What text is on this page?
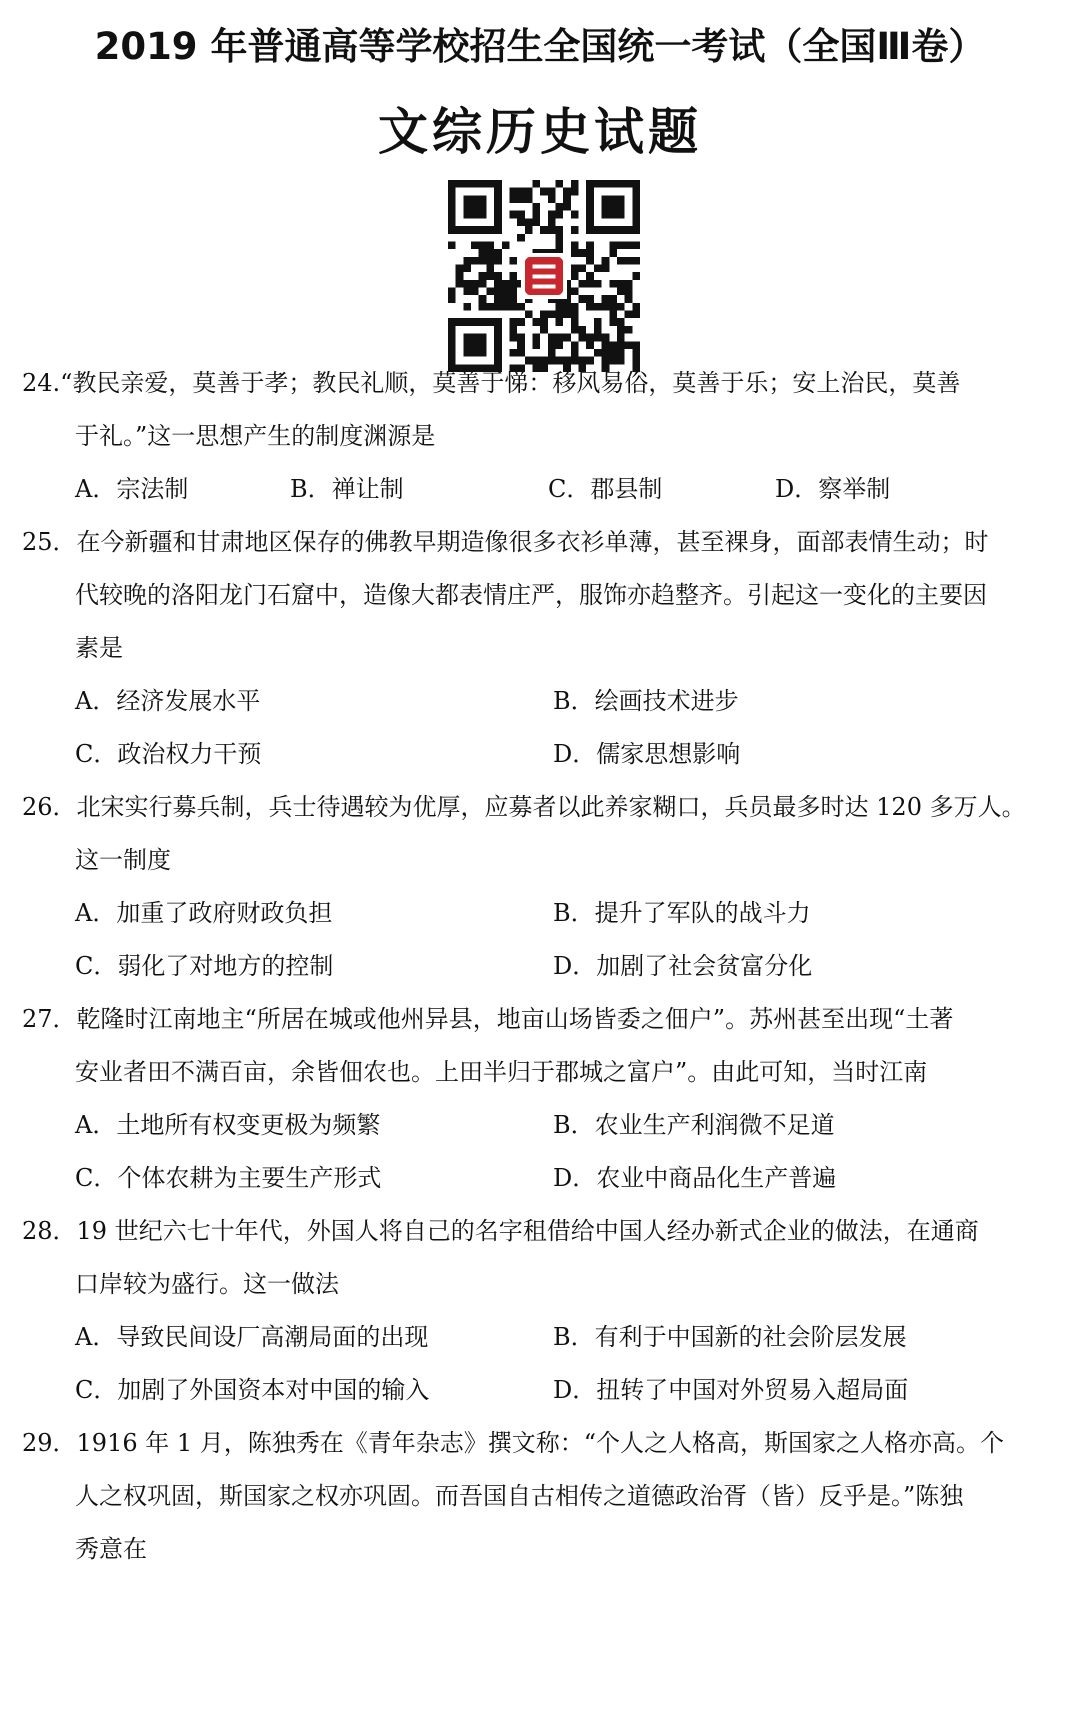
2019 年普通高等学校招生全国统一考试（全国Ⅲ卷）
文综历史试题

24.“教民亲爱，莫善于孝；教民礼顺，莫善于悌：移风易俗，莫善于乐；安上治民，莫善

于礼。”这一思想产生的制度渊源是

A．宗法制	B．禅让制	C．郡县制	D．察举制

25．在今新疆和甘肃地区保存的佛教早期造像很多衣衫单薄，甚至裸身，面部表情生动；时

代较晚的洛阳龙门石窟中，造像大都表情庄严，服饰亦趋整齐。引起这一变化的主要因

素是

A．经济发展水平	B．绘画技术进步

C．政治权力干预	D．儒家思想影响

26．北宋实行募兵制，兵士待遇较为优厚，应募者以此养家糊口，兵员最多时达 120 多万人。

这一制度

A．加重了政府财政负担	B．提升了军队的战斗力

C．弱化了对地方的控制	D．加剧了社会贫富分化

27．乾隆时江南地主“所居在城或他州异县，地亩山场皆委之佃户”。苏州甚至出现“土著

安业者田不满百亩，余皆佃农也。上田半归于郡城之富户”。由此可知，当时江南

A．土地所有权变更极为频繁	B．农业生产利润微不足道

C．个体农耕为主要生产形式	D．农业中商品化生产普遍

28．19 世纪六七十年代，外国人将自己的名字租借给中国人经办新式企业的做法，在通商

口岸较为盛行。这一做法

A．导致民间设厂高潮局面的出现	B．有利于中国新的社会阶层发展

C．加剧了外国资本对中国的输入	D．扭转了中国对外贸易入超局面

29．1916 年 1 月，陈独秀在《青年杂志》撰文称：“个人之人格高，斯国家之人格亦高。个

人之权巩固，斯国家之权亦巩固。而吾国自古相传之道德政治胥（皆）反乎是。”陈独

秀意在
